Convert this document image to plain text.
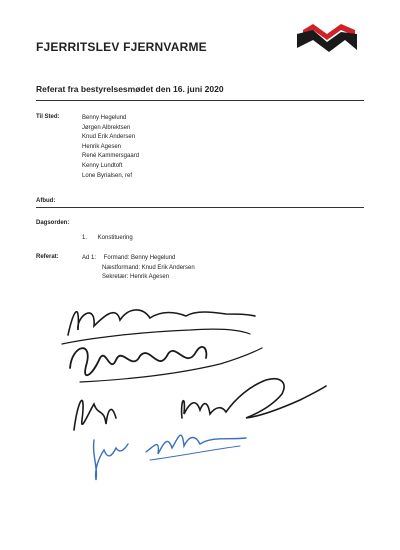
FJERRITSLEV FJERNVARME
Referat fra bestyrelsesmødet den 16. juni 2020
Til Sted:	Benny Hegelund
Jørgen Albrektsen
Knud Erik Andersen
Henrik Agesen
René Kammersgaard
Kenny Lundtoft
Lone Byrialsen, ref
Afbud:
Dagsorden:
1. Konstituering
Referat:	Ad 1: Formand: Benny Hegelund
Næstformand: Knud Erik Andersen
Sekretær: Henrik Agesen
